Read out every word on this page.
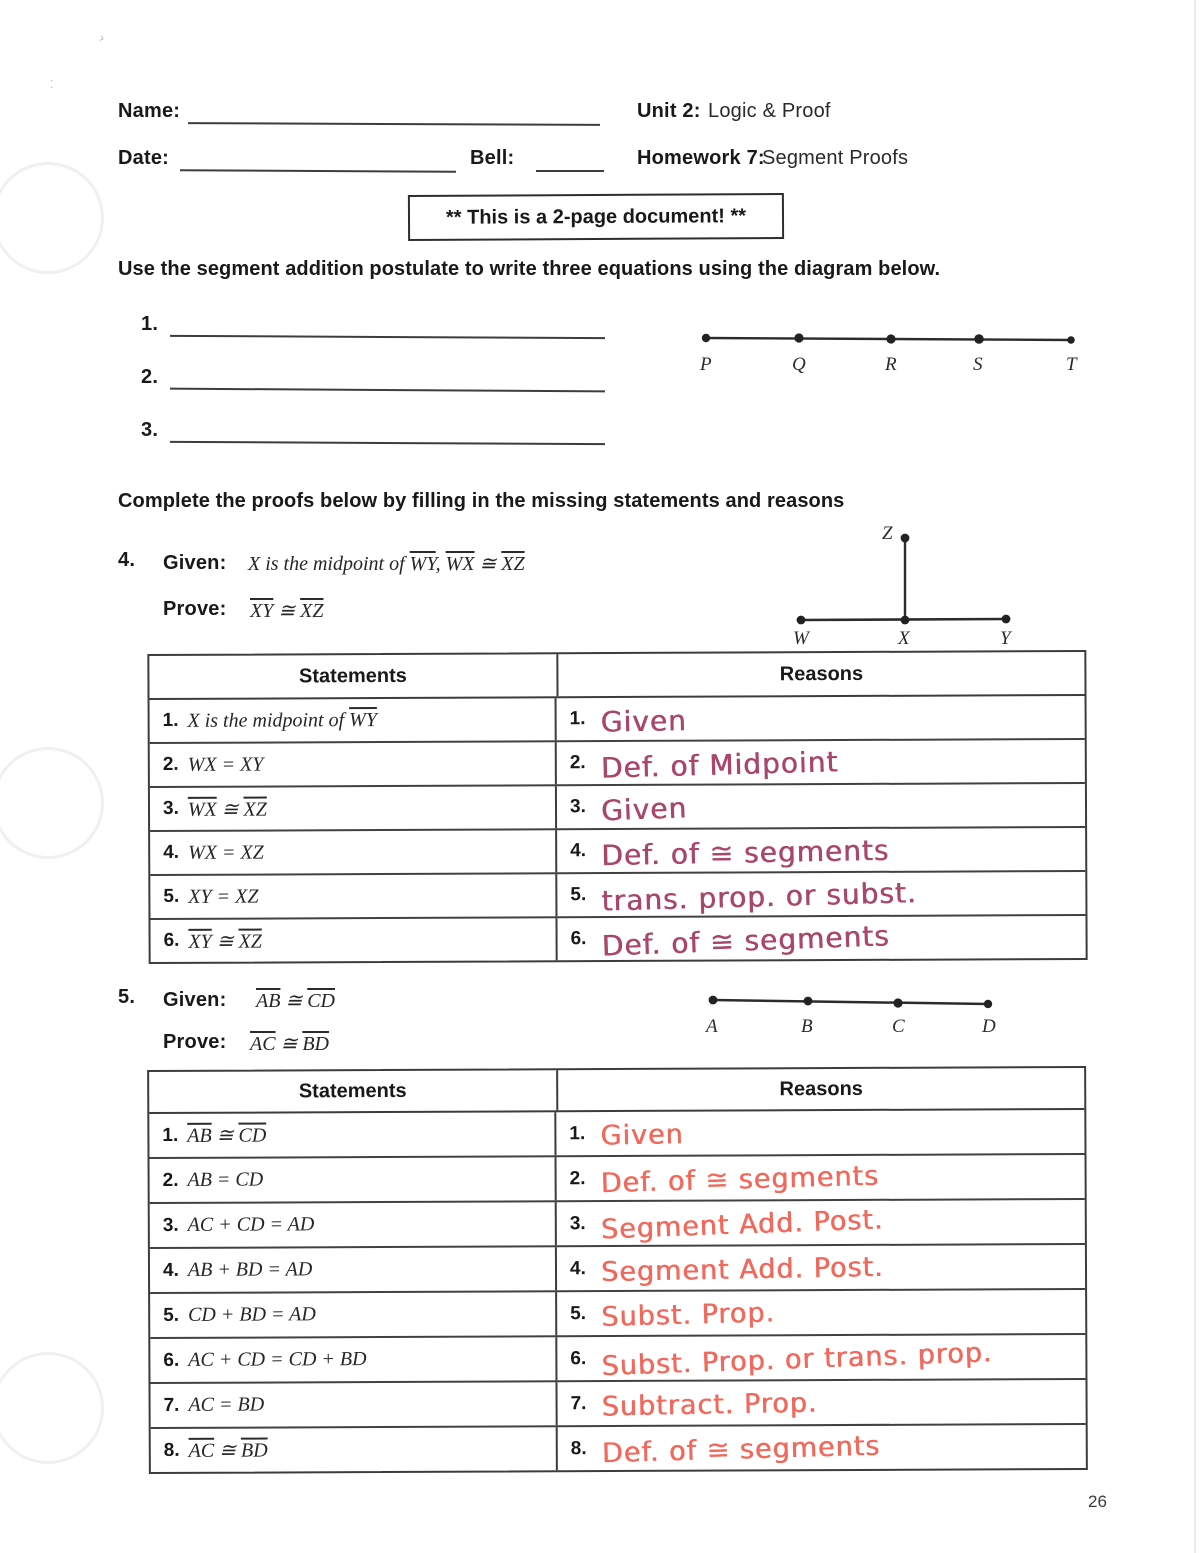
›
⁚
Name:	Unit 2: Logic & Proof
Date:	Bell:	Homework 7:
Segment Proofs
** This is a 2-page document! **
Use the segment addition postulate to write three equations using the diagram below.
1.
2.
3.
P	Q	R	S	T
Complete the proofs below by filling in the missing statements and reasons
4. Given: X is the midpoint of $\overline{WY}$, $\overline{WX}$ ≅ $\overline{XZ}$
Prove: $\overline{XY}$ ≅ $\overline{XZ}$
Z
W	X	Y
Statements	Reasons
1. X is the midpoint of $\overline{WY}$	1. Given
2. WX = XY	2. Def. of Midpoint
3. $\overline{WX}$ ≅ $\overline{XZ}$	3. Given
4. WX = XZ	4. Def. of ≅ segments
5. XY = XZ	5. trans. prop. or subst.
6. $\overline{XY}$ ≅ $\overline{XZ}$	6. Def. of ≅ segments
5. Given: $\overline{AB}$ ≅ $\overline{CD}$
Prove: $\overline{AC}$ ≅ $\overline{BD}$
A	B	C	D
Statements	Reasons
1. $\overline{AB}$ ≅ $\overline{CD}$	1. Given
2. AB = CD	2. Def. of ≅ segments
3. AC + CD = AD	3. Segment Add. Post.
4. AB + BD = AD	4. Segment Add. Post.
5. CD + BD = AD	5. Subst. Prop.
6. AC + CD = CD + BD	6. Subst. Prop. or trans. prop.
7. AC = BD	7. Subtract. Prop.
8. $\overline{AC}$ ≅ $\overline{BD}$	8. Def. of ≅ segments
26
